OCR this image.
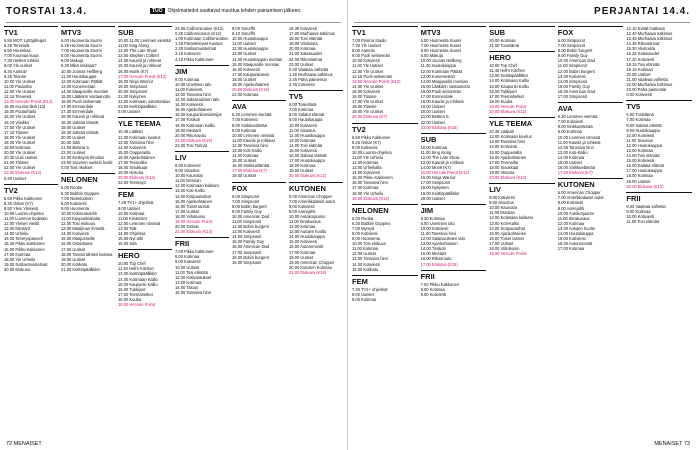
TORSTAI 13.4.	TUO Ohjelmatiedot saattavat muuttua lehden painamisen jälkeen.
TV1
5.55 MOT: Lyttäjähuijat
6.25 Terveisiä
6.50 Heurekas
7.00 Kuumaa kuua
7.30 Hetken tohkiin
8.00 Yle uutiset
8.30 Aamutv
9.25 Tilanne
10.00 Yle Uutiset
11.00 Puutarha
12.00 Yle Uutiset
12.15 Terveisiä
13.30 Hercule Poirot (K12)
15.05 Kuuma tikiä (13)
15.30 Puutarhailu
16.00 Yle Uutiset
16.10 Viisikko
17.00 Yle Uutiset
17.10 Tilanne
18.00 Yle Uutiset
18.30 Yle Uutiset
19.00 Kotimaa
20.00 Yle Uutiset
20.30 Uusi Uutiset
21.00 Tilanne
22.00 Yle Uutiset
23.00 Elokuva (K12)
0.40 Uutiset
TV2
6.50 Pikku Kakkonen
8.25 Oskar (K7)
8.50 Yleis Yleisesti
10.05 Luonto-ohjelma
11.00 Luonnon tiedetalo
12.00 Yleiset viestit
13.00 Mestarit
14.00 Urheilu
15.00 Terveyspaneeli
15.30 Pikku Kakkonen
16.00 Pikku Kakkonen
17.00 Kotimaa
18.00 Yle Urheilu
19.00 Sotilasmuistelmat
20.00 Elokuva
MTV3
6.00 Huomenta Suomi
6.25 Huomenta Suomi
7.00 Huomenta Suomi
8.00 Huomenta Suomi
9.00 Makuja
9.30 Mikä maksaa?
10.00 Joonas Hellberg
11.30 Huutokauppa
12.00 Kotimaan Pätkät
13.00 Konemestari
14.00 Maajussille morsian
15.00 Lääkärin vastaanotto
16.00 Puoli seitsemän
17.00 Emmerdale
17.30 Emmerdale
18.00 Kauniit ja rohkeat
18.30 Salatut elämät
19.00 Uutiset
19.30 Salatut elämät
20.00 Uutiset
20.30 Sää
21.00 Bettina S.
22.00 Uutiset
22.30 Keskiyön Ilmoitus
23.00 Suomen surkein kuski
0.00 Tosi rikokset
NELONEN
6.00 Rooba
6.30 Bubble Guppies
7.00 Nickelodeon
8.00 Kotiviesti
9.00 Huomenta
10.00 Kotiseutulehti
11.00 Kaupunkiaitaita
12.00 Tosi elokuva
13.00 Maailman ihmeitä
14.00 Kotiviesti
15.00 Maajusseille
16.00 Ostoskassi
17.00 Uutiset
18.00 Tanssii tähtien kanssa
19.00 Uutiset
20.00 Kotikatu
21.00 Keittiöpäällikkö
SUB
10.00 11.00 Lemmen viemää
11.00 Sing Along
12.00 The Late Show
13.00 Stephen Colbert
14.00 Kauniit ja rohkeat
15.00 Kauniit ja rohkeat
16.00 Monk (K7)
17.00 Hercule Poirot (K12)
18.00 Ninja Warrior
19.00 Simpsonit
20.00 Simpsonit
21.00 Nykyinen
22.00 Kotimaan ostoskeskus
23.00 Keittiöpäällikkö
0.00 Uutiset
YLE TEEMA
10.45 Lääkäri
12.00 Kotimaan kuvitus
13.00 Tanssiva hirvi
14.00 Kotiviesti
15.00 Oopperailta
16.00 Ajankohtainen
17.00 Teemailta
18.00 Sisukkaat
19.00 Historia
20.00 Elokuva (K12)
22.00 Teemayö
FEM
7.25 TV1+ ohjelmat
9.00 Uutiset
10.00 Kotimaa
11.00 Kiinteistöt
12.00 Lemmen nimissä
13.00 Talk
14.00 Ohjelmia
15.00 Nyt arki
16.00 Sää
HERO
10.00 Top Chef
11.40 Hell's Kitchen
13.00 Keittiöpäällikkö
14.00 Kotimaan Kallio
15.00 Kaupunki Kallio
16.00 Tukkijoet
17.00 Teemahetket
18.00 Kuuba
19.00 Hercule Poirot
23.55 Californication (K12)
0.25 Californication (K12)
1.00 Kotimaan Californication
1.45 Paranteleviet Kuvitus
2.30 Sotilasmuistelmat
3.15 Kotiviesti
4.10 Pikku Kakkonen
JIM
9.00 Kotimaa
10.00 Unelmien talo
11.00 Kotiviesti
12.00 Tanssiva hirvi
13.00 Salaisuuksien talo
14.00 Kotiviesti
15.00 Ajankohtainen
16.00 Kaupunkiarvioitsijat
17.00 Tosikoti
18.00 Kotimaan Kallio
19.00 Mestarit
20.00 Rikosruutu
21.00 Elokuva (K16)
23.00 Tosi Tarinat
LIV
8.00 Kotiviesti
9.00 Sisustus
10.00 Kaunotar
11.00 Morsian
12.00 Kotimaan kukkaro
13.00 Koti-Kallio
14.00 Kotipuutarhat
15.00 Ajankohtainen
16.00 Toiset tarinat
17.00 Uutiset
18.00 Viihdeosio
19.00 Hercule Poirot
20.00 Tarinat
21.00 Elokuva (K12)
FRII
7.00 Pikku Kakkonen
8.00 Kotimaa
9.00 Kotiviesti
10.00 Uutiset
11.00 Tosi elämää
12.00 Kotivaraukset
13.00 Kotimaa
14.00 Talous
15.00 Tanssiva hirvi
8.00 Smurffit
9.10 Smurffit
10.00 Huutokauppa
11.00 Uutiset
12.00 Huutokauppa
13.00 Uutiset
14.00 Huutokaupan mestari
15.00 Maajussille morsian
16.00 Kotiviesti
17.00 Kaupunkiarvio
18.00 Uutiset
19.00 Ajankohtainen
20.00 Elokuva (K16)
22.00 Kotimaa
AVA
6.30 Lemmen viemää
7.00 Kotiviesti
8.00 Sinkkuelämää
9.00 Kotimaa
10.00 Lemmen nimissä
11.00 Kauniit ja rohkeat
12.00 Tanssiva hirvi
13.00 Koti-Kallio
14.00 Kotimaa
15.00 Uutiset
16.00 Sinkkuelämää
17.00 Elokuva (K7)
19.00 Uutiset
FOX
6.00 Simpsonit
7.00 Simpsonit
8.00 Bobin burgerit
9.00 Family Guy
10.00 American Dad
11.00 Simpsonit
12.00 Bobin burgerit
13.00 Kotiviesti
14.00 Simpsonit
15.00 Family Guy
16.00 American Dad
17.00 Simpsonit
18.00 Bobin burgerit
19.00 Simpsonit
16.35 Kotiviesti
17.00 Murhaava tutkimus
18.00 Tosi elämää
19.00 Viisitoista
20.00 Kotimaa
21.00 Salaisuudet
22.00 Rikostarinat
23.00 Uutiset
0.30 Vaaleaa valhetta
1.30 Murhaava tutkimus
2.45 Paha paimentar
3.45 Kotiviesti
TV5
6.00 Tosielämä
7.00 Kotimaa
8.00 Salatut elämät
9.00 Huutokauppa
10.00 Kotiviesti
11.00 Sisustus
12.00 Huutokauppa
13.00 Kotimaa
14.00 Tosi elämää
15.00 Kotiviesti
16.00 Salatut elämät
17.00 Huutokauppa
18.00 Kotimaa
19.00 Uutiset
20.00 Elokuva (K12)
KUTONEN
6.00 American Chopper
7.00 Amerikkalaiset autot
8.00 Kotiviesti
9.00 Aarrejahti
10.00 Autokorjaamo
11.00 Ilmakuvaus
12.00 Kotimaa
13.00 Autojen huolto
14.00 Huutokauppa
15.00 Kotiviesti
16.00 Autoremontit
17.00 Kotimaa
18.00 Uutiset
19.00 American Chopper
20.00 Kutonen Kotimaa
21.00 Elokuva (K16)
72 MENAISET
PERJANTAI 14.4.
TV1
7.00 Prisma Studio
7.30 Yle Uutiset
8.00 Aamutv
9.00 Puoli seitsemän
10.00 Kotiviesti
11.00 Yle Uutiset
12.00 Yle Uutiset
12.15 Puoli seitsemän
13.00 Hercule Poirot (K12)
14.00 Yle Uutiset
15.00 Kotiviesti
16.00 Tilanne
17.00 Yle Uutiset
18.00 Tilanne
19.00 Yle Uutiset
20.00 Elokuva (K7)
TV2
6.50 Pikku Kakkonen
8.25 Oskar (K7)
9.00 Kotiviesti
10.00 Luonto-ohjelma
11.00 Yle Urheilu
12.00 Kotimaa
13.00 Urheiluilta
14.00 Kotiviesti
15.00 Pikku Kakkonen
16.00 Tanssiva hirvi
17.00 Kotimaa
18.00 Yle Urheilu
19.00 Elokuva (K12)
NELONEN
6.00 Rooba
6.30 Bubble Guppies
7.00 Myrsyä
8.00 Kotiviesti
9.00 Huomenta
10.00 Tosi elokuva
11.00 Kotimaa
12.00 Uutiset
13.00 Tanssiva hirvi
14.00 Kotiviesti
15.00 Kotikatu
FEM
7.30 TV1+ ohjelmat
8.00 Uutiset
9.00 Kotimaa
MTV3
6.00 Huomenta Suomi
7.00 Huomenta Suomi
8.00 Huomenta Suomi
9.00 Makuja
10.00 Joonas Hellberg
11.30 Huutokauppa
12.00 Kotimaan Pätkät
13.00 Konemestari
14.00 Maajussille morsian
15.00 Lääkärin vastaanotto
16.00 Puoli seitsemän
17.00 Emmerdale
18.00 Kauniit ja rohkeat
19.00 Uutiset
20.00 Uutiset
21.00 Bettina S.
22.00 Uutiset
23.00 Elokuva (K16)
SUB
10.00 Kotimaa
11.00 Sing Along
12.00 The Late Show
13.00 Kauniit ja rohkeat
14.00 Monk (K7)
15.00 Hercule Poirot (K12)
16.00 Ninja Warrior
17.00 Simpsonit
18.00 Nykyinen
19.00 Keittiöpäällikkö
20.00 Uutiset
JIM
8.30 Kotimaa
9.00 Unelmien talo
10.00 Kotiviesti
11.00 Tanssiva hirvi
12.00 Salaisuuksien talo
13.00 Ajankohtainen
14.00 Tosikoti
15.00 Mestarit
16.00 Rikosruutu
17.00 Elokuva (K16)
FRII
7.00 Pikku Kakkonen
8.00 Kotimaa
9.00 Kotiviesti
SUB
20.00 Kotimaa
21.00 Tosielämä
HERO
10.00 Top Chef
11.40 Hell's Kitchen
13.00 Keittiöpäällikkö
14.00 Kotimaan Kallio
15.00 Kaupunki Kallio
16.00 Tukkijoet
17.00 Teemahetket
18.00 Kuuba
19.00 Hercule Poirot
20.00 Elokuva (K12)
YLE TEEMA
10.45 Lääkäri
12.00 Kotimaan kuvitus
13.00 Tanssiva hirvi
14.00 Kotiviesti
15.00 Oopperailta
16.00 Ajankohtainen
17.00 Teemailta
18.00 Sisukkaat
19.00 Historia
20.00 Elokuva (K12)
LIV
8.00 Kotiviesti
9.00 Sisustus
10.00 Kaunotar
11.00 Morsian
12.00 Kotimaan kukkaro
13.00 Koti-Kallio
14.00 Kotipuutarhat
15.00 Ajankohtainen
16.00 Toiset tarinat
17.00 Uutiset
18.00 Viihdeosio
19.00 Hercule Poirot
FOX
6.00 Simpsonit
7.00 Simpsonit
8.00 Bobin burgerit
9.00 Family Guy
10.00 American Dad
11.00 Simpsonit
12.00 Bobin burgerit
13.00 Kotiviesti
14.00 Simpsonit
15.00 Family Guy
16.00 American Dad
17.00 Simpsonit
AVA
6.30 Lemmen viemää
7.00 Kotiviesti
8.00 Sinkkuelämää
9.00 Kotimaa
10.00 Lemmen nimissä
11.00 Kauniit ja rohkeat
12.00 Tanssiva hirvi
13.00 Koti-Kallio
14.00 Kotimaa
15.00 Uutiset
16.00 Sinkkuelämää
17.00 Elokuva (K7)
KUTONEN
6.00 American Chopper
7.00 Amerikkalaiset autot
8.00 Kotiviesti
9.00 Aarrejahti
10.00 Autokorjaamo
11.00 Ilmakuvaus
12.00 Kotimaa
13.00 Autojen huolto
14.00 Huutokauppa
15.00 Kotiviesti
16.00 Autoremontit
17.00 Kotimaa
12.10 Eväät matkaan
12.40 Murhaava tutkimus
13.45 Murhaava tutkimus
14.35 Rikostarinat
15.30 Viisitoista
16.25 Salaisuudet
17.20 Kotiviesti
18.15 Tosi elämää
19.10 Kotimaa
20.05 Uutiset
21.00 Vaaleaa valhetta
22.00 Murhaava tutkimus
23.00 Paha paimentar
0.00 Kotiviesti
TV5
6.00 Tosielämä
7.00 Kotimaa
8.00 Salatut elämät
9.00 Huutokauppa
10.00 Kotiviesti
11.00 Sisustus
12.00 Huutokauppa
13.00 Kotimaa
14.00 Tosi elämää
15.00 Kotiviesti
16.00 Salatut elämät
17.00 Huutokauppa
18.00 Kotimaa
19.00 Uutiset
20.00 Elokuva (K12)
FRII
8.05 Vaaleaa valhetta
9.00 Kotimaa
10.00 Kotiviesti
11.00 Tosi elämää
MENAISET 73
